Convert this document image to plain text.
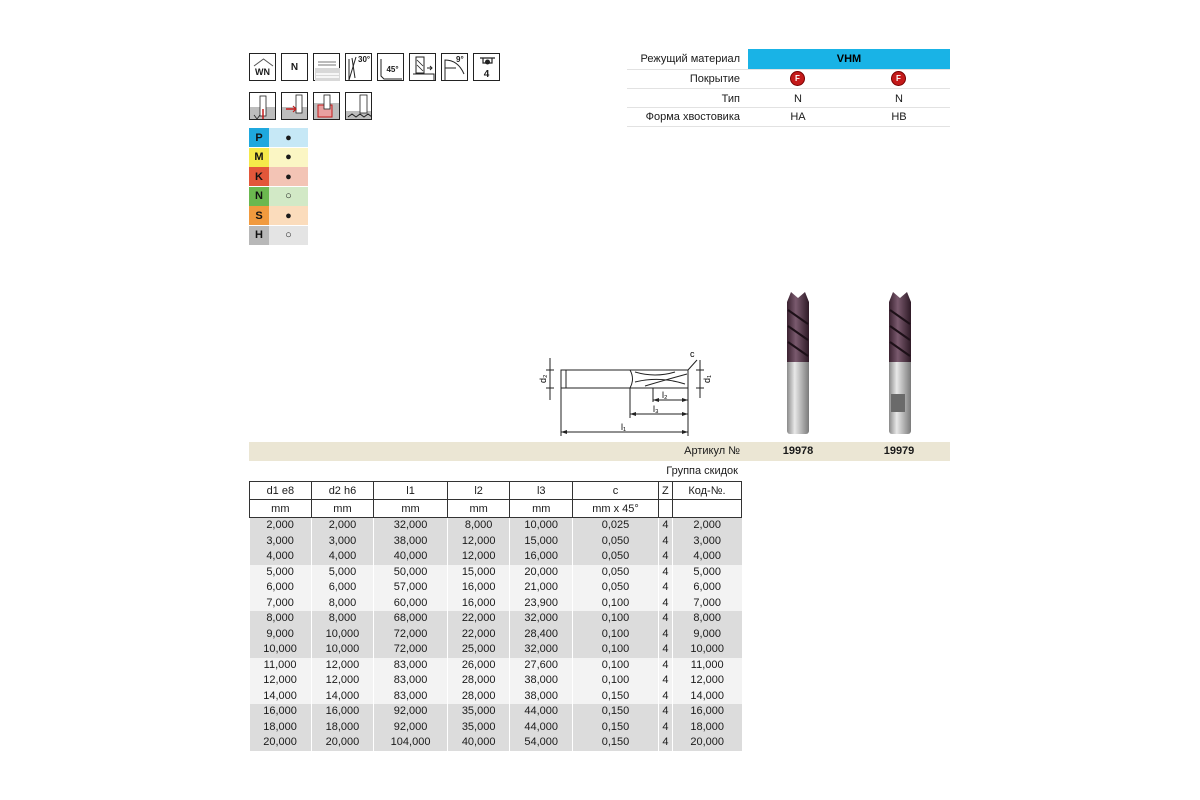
WN N
30°
45°
9°
4
P	●
M	●
K	●
N	○
S	●
H	○
Режущий материал	VHM
Покрытие	F	F
Тип	N	N
Форма хвостовика	HA	HB
d₂	d₁
c
l₂
l₃
l₁
Артикул №	19978	19979
Группа скидок
d1 e8	d2 h6	l1	l2	l3	c	Z	Код-№.
mm	mm	mm	mm	mm	mm x 45°		
2,000	2,000	32,000	8,000	10,000	0,025	4	2,000
3,000	3,000	38,000	12,000	15,000	0,050	4	3,000
4,000	4,000	40,000	12,000	16,000	0,050	4	4,000
5,000	5,000	50,000	15,000	20,000	0,050	4	5,000
6,000	6,000	57,000	16,000	21,000	0,050	4	6,000
7,000	8,000	60,000	16,000	23,900	0,100	4	7,000
8,000	8,000	68,000	22,000	32,000	0,100	4	8,000
9,000	10,000	72,000	22,000	28,400	0,100	4	9,000
10,000	10,000	72,000	25,000	32,000	0,100	4	10,000
11,000	12,000	83,000	26,000	27,600	0,100	4	11,000
12,000	12,000	83,000	28,000	38,000	0,100	4	12,000
14,000	14,000	83,000	28,000	38,000	0,150	4	14,000
16,000	16,000	92,000	35,000	44,000	0,150	4	16,000
18,000	18,000	92,000	35,000	44,000	0,150	4	18,000
20,000	20,000	104,000	40,000	54,000	0,150	4	20,000
